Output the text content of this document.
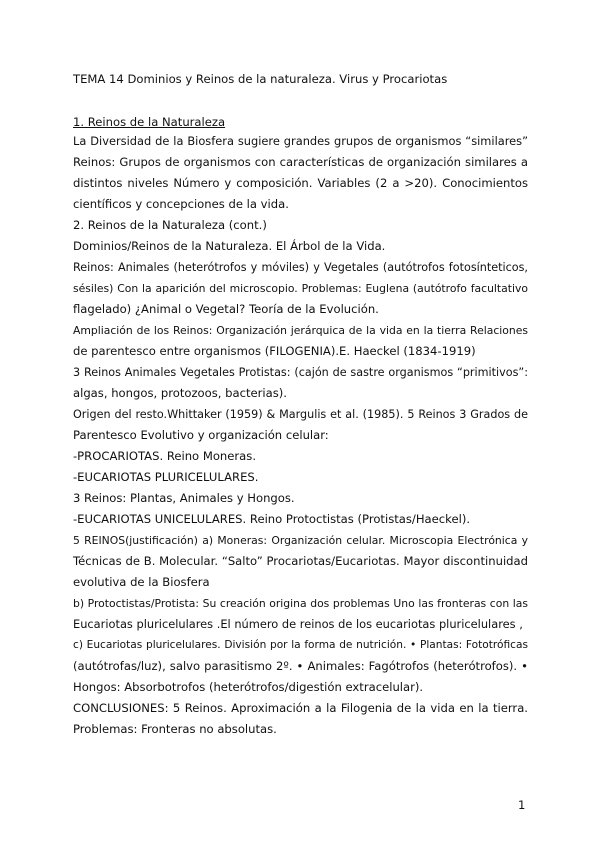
TEMA 14 Dominios y Reinos de la naturaleza. Virus y Procariotas
1. Reinos de la Naturaleza

La Diversidad de la Biosfera sugiere grandes grupos de organismos “similares”

Reinos: Grupos de organismos con características de organización similares a

distintos niveles Número y composición. Variables (2 a >20). Conocimientos

científicos y concepciones de la vida.

2. Reinos de la Naturaleza (cont.)

Dominios/Reinos de la Naturaleza. El Árbol de la Vida.

Reinos: Animales (heterótrofos y móviles) y Vegetales (autótrofos fotosínteticos,

sésiles) Con la aparición del microscopio. Problemas: Euglena (autótrofo facultativo

flagelado) ¿Animal o Vegetal? Teoría de la Evolución.

Ampliación de los Reinos: Organización jerárquica de la vida en la tierra Relaciones

de parentesco entre organismos (FILOGENIA).E. Haeckel (1834-1919)

3 Reinos Animales Vegetales Protistas: (cajón de sastre organismos “primitivos”:

algas, hongos, protozoos, bacterias).

Origen del resto.Whittaker (1959) & Margulis et al. (1985). 5 Reinos 3 Grados de

Parentesco Evolutivo y organización celular:

-PROCARIOTAS. Reino Moneras.

-EUCARIOTAS PLURICELULARES.

3 Reinos: Plantas, Animales y Hongos.

-EUCARIOTAS UNICELULARES. Reino Protoctistas (Protistas/Haeckel).

5 REINOS(justificación) a) Moneras: Organización celular. Microscopia Electrónica y

Técnicas de B. Molecular. “Salto” Procariotas/Eucariotas. Mayor discontinuidad

evolutiva de la Biosfera

b) Protoctistas/Protista: Su creación origina dos problemas Uno las fronteras con las

Eucariotas pluricelulares .El número de reinos de los eucariotas pluricelulares ,

c) Eucariotas pluricelulares. División por la forma de nutrición. • Plantas: Fototróficas

(autótrofas/luz), salvo parasitismo 2º. • Animales: Fagótrofos (heterótrofos). •

Hongos: Absorbotrofos (heterótrofos/digestión extracelular).

CONCLUSIONES: 5 Reinos. Aproximación a la Filogenia de la vida en la tierra.

Problemas: Fronteras no absolutas.

1
